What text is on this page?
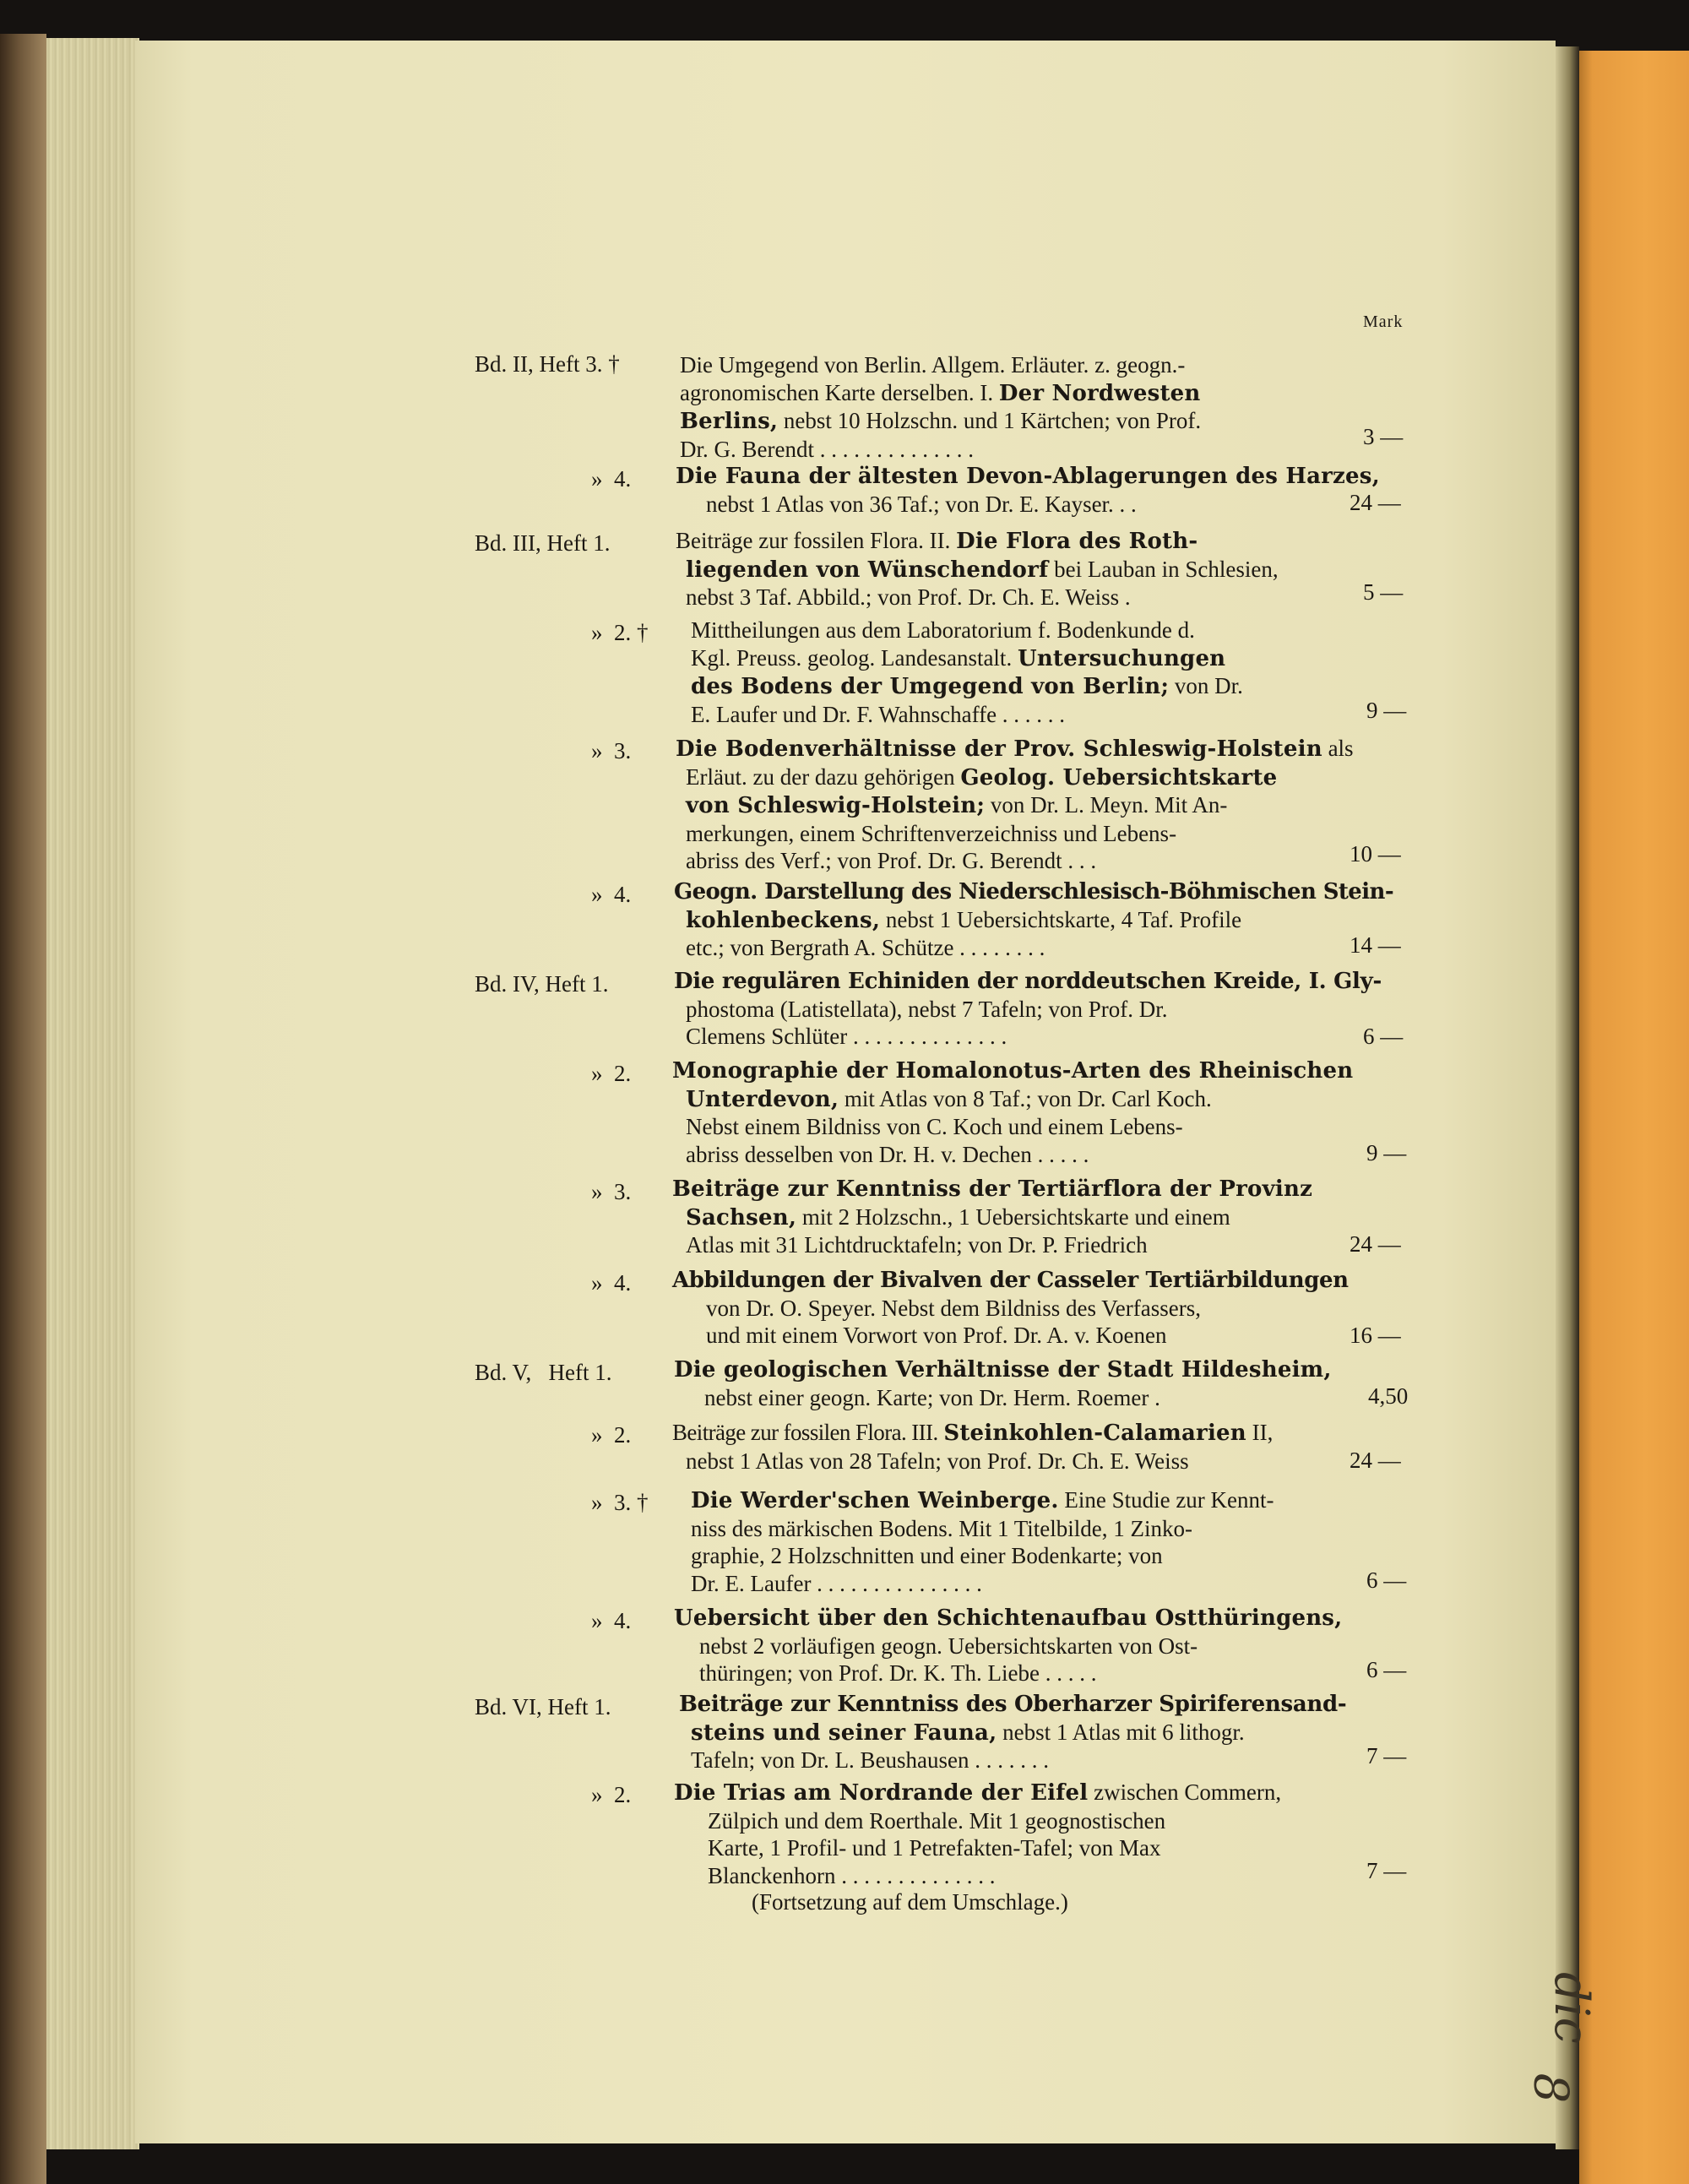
dic
8
Mark
Bd. II, Heft 3. †	Die Umgegend von Berlin. Allgem. Erläuter. z. geogn.-
agronomischen Karte derselben. I. Der Nordwesten
Berlins, nebst 10 Holzschn. und 1 Kärtchen; von Prof.
Dr. G. Berendt . . . . . . . . . . . . . .	3 —
» 4.	Die Fauna der ältesten Devon-Ablagerungen des Harzes,
nebst 1 Atlas von 36 Taf.; von Dr. E. Kayser. . .	24 —
Bd. III, Heft 1.	Beiträge zur fossilen Flora. II. Die Flora des Roth-
liegenden von Wünschendorf bei Lauban in Schlesien,
nebst 3 Taf. Abbild.; von Prof. Dr. Ch. E. Weiss .	5 —
» 2. †	Mittheilungen aus dem Laboratorium f. Bodenkunde d.
Kgl. Preuss. geolog. Landesanstalt. Untersuchungen
des Bodens der Umgegend von Berlin; von Dr.
E. Laufer und Dr. F. Wahnschaffe . . . . . .	9 —
» 3.	Die Bodenverhältnisse der Prov. Schleswig-Holstein als
Erläut. zu der dazu gehörigen Geolog. Uebersichtskarte
von Schleswig-Holstein; von Dr. L. Meyn. Mit An-
merkungen, einem Schriftenverzeichniss und Lebens-
abriss des Verf.; von Prof. Dr. G. Berendt . . .	10 —
» 4.	Geogn. Darstellung des Niederschlesisch-Böhmischen Stein-
kohlenbeckens, nebst 1 Uebersichtskarte, 4 Taf. Profile
etc.; von Bergrath A. Schütze . . . . . . . .	14 —
Bd. IV, Heft 1.	Die regulären Echiniden der norddeutschen Kreide, I. Gly-
phostoma (Latistellata), nebst 7 Tafeln; von Prof. Dr.
Clemens Schlüter . . . . . . . . . . . . . .	6 —
» 2.	Monographie der Homalonotus-Arten des Rheinischen
Unterdevon, mit Atlas von 8 Taf.; von Dr. Carl Koch.
Nebst einem Bildniss von C. Koch und einem Lebens-
abriss desselben von Dr. H. v. Dechen . . . . .	9 —
» 3.	Beiträge zur Kenntniss der Tertiärflora der Provinz
Sachsen, mit 2 Holzschn., 1 Uebersichtskarte und einem
Atlas mit 31 Lichtdrucktafeln; von Dr. P. Friedrich	24 —
» 4.	Abbildungen der Bivalven der Casseler Tertiärbildungen
von Dr. O. Speyer. Nebst dem Bildniss des Verfassers,
und mit einem Vorwort von Prof. Dr. A. v. Koenen	16 —
Bd. V, Heft 1.	Die geologischen Verhältnisse der Stadt Hildesheim,
nebst einer geogn. Karte; von Dr. Herm. Roemer .	4,50
» 2.	Beiträge zur fossilen Flora. III. Steinkohlen-Calamarien II,
nebst 1 Atlas von 28 Tafeln; von Prof. Dr. Ch. E. Weiss	24 —
» 3. †	Die Werder'schen Weinberge. Eine Studie zur Kennt-
niss des märkischen Bodens. Mit 1 Titelbilde, 1 Zinko-
graphie, 2 Holzschnitten und einer Bodenkarte; von
Dr. E. Laufer . . . . . . . . . . . . . . .	6 —
» 4.	Uebersicht über den Schichtenaufbau Ostthüringens,
nebst 2 vorläufigen geogn. Uebersichtskarten von Ost-
thüringen; von Prof. Dr. K. Th. Liebe . . . . .	6 —
Bd. VI, Heft 1.	Beiträge zur Kenntniss des Oberharzer Spiriferensand-
steins und seiner Fauna, nebst 1 Atlas mit 6 lithogr.
Tafeln; von Dr. L. Beushausen . . . . . . .	7 —
» 2.	Die Trias am Nordrande der Eifel zwischen Commern,
Zülpich und dem Roerthale. Mit 1 geognostischen
Karte, 1 Profil- und 1 Petrefakten-Tafel; von Max
Blanckenhorn . . . . . . . . . . . . . .	7 —
(Fortsetzung auf dem Umschlage.)
